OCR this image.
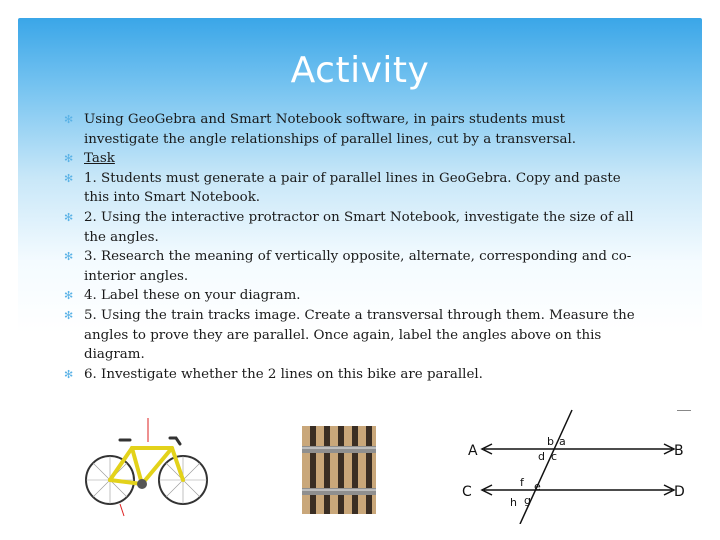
Activity
✻ Using GeoGebra and Smart Notebook software, in pairs students must investigate the angle relationships of parallel lines, cut by a transversal.
✻ Task
✻ 1. Students must generate a pair of parallel lines in GeoGebra. Copy and paste this into Smart Notebook.
✻ 2. Using the interactive protractor on Smart Notebook, investigate the size of all the angles.
✻ 3. Research the meaning of vertically opposite, alternate, corresponding and co-interior angles.
✻ 4. Label these on your diagram.
✻ 5. Using the train tracks image. Create a transversal through them. Measure the angles to prove they are parallel. Once again, label the angles above on this diagram.
✻ 6. Investigate whether the 2 lines on this bike are parallel.
A	B
C	D
b a
d c
f e
h g
